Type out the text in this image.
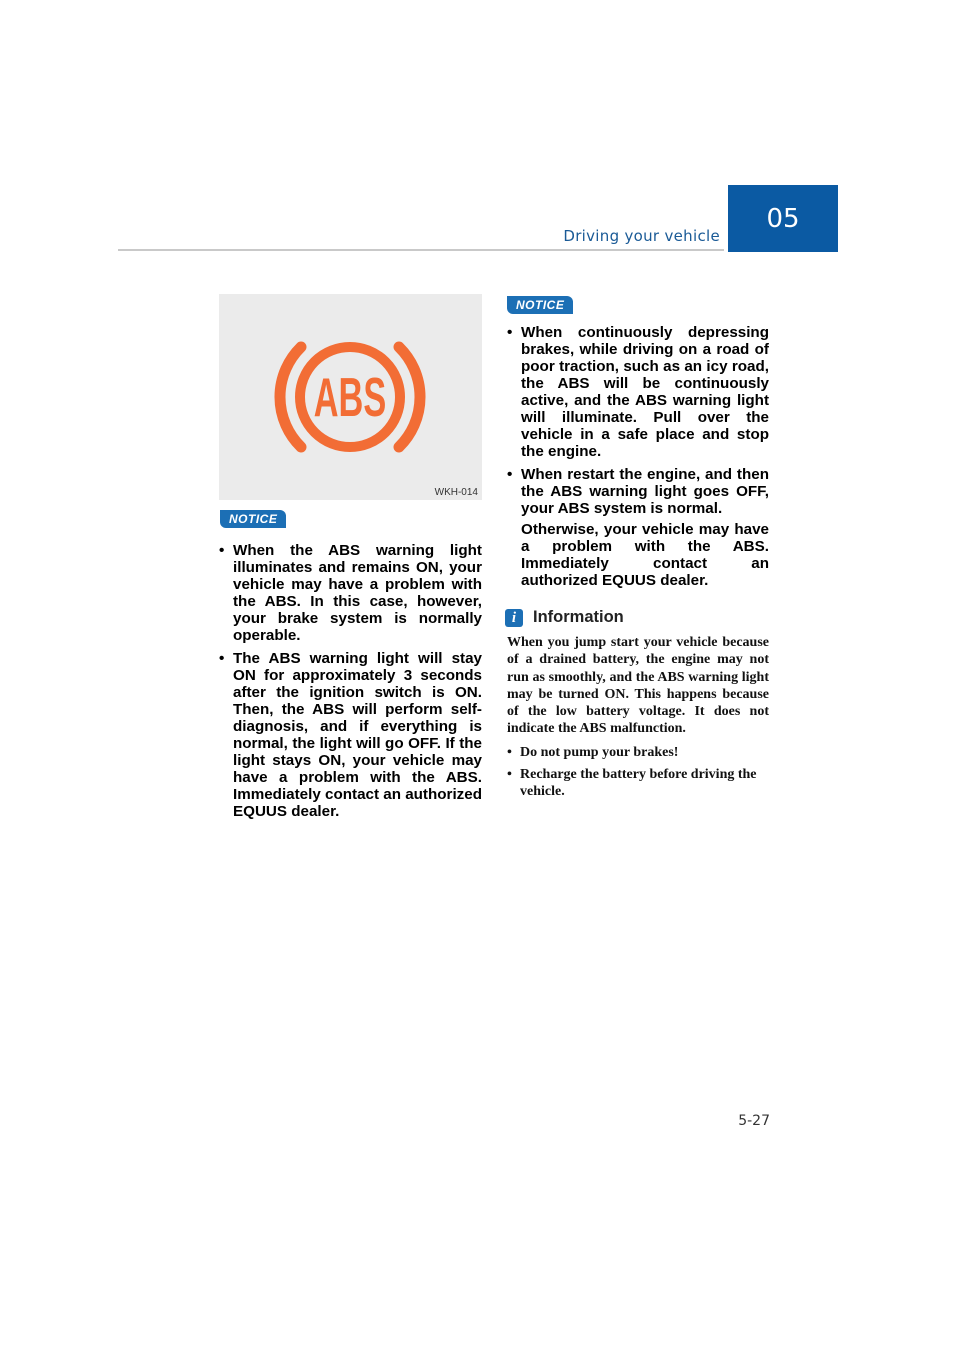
Driving your vehicle
05
ABS
WKH-014
NOTICE
• When the ABS warning light illuminates and remains ON, your vehicle may have a problem with the ABS. In this case, however, your brake system is normally operable.
• The ABS warning light will stay ON for approximately 3 seconds after the ignition switch is ON. Then, the ABS will perform self-diagnosis, and if everything is normal, the light will go OFF. If the light stays ON, your vehicle may have a problem with the ABS. Immediately contact an authorized EQUUS dealer.
NOTICE
• When continuously depressing brakes, while driving on a road of poor traction, such as an icy road, the ABS will be continuously active, and the ABS warning light will illuminate. Pull over the vehicle in a safe place and stop the engine.
• When restart the engine, and then the ABS warning light goes OFF, your ABS system is normal.
Otherwise, your vehicle may have a problem with the ABS. Immediately contact an authorized EQUUS dealer.
i	Information
When you jump start your vehicle because of a drained battery, the engine may not run as smoothly, and the ABS warning light may be turned ON. This happens because of the low battery voltage. It does not indicate the ABS malfunction.
• Do not pump your brakes!
• Recharge the battery before driving the vehicle.
5-27
